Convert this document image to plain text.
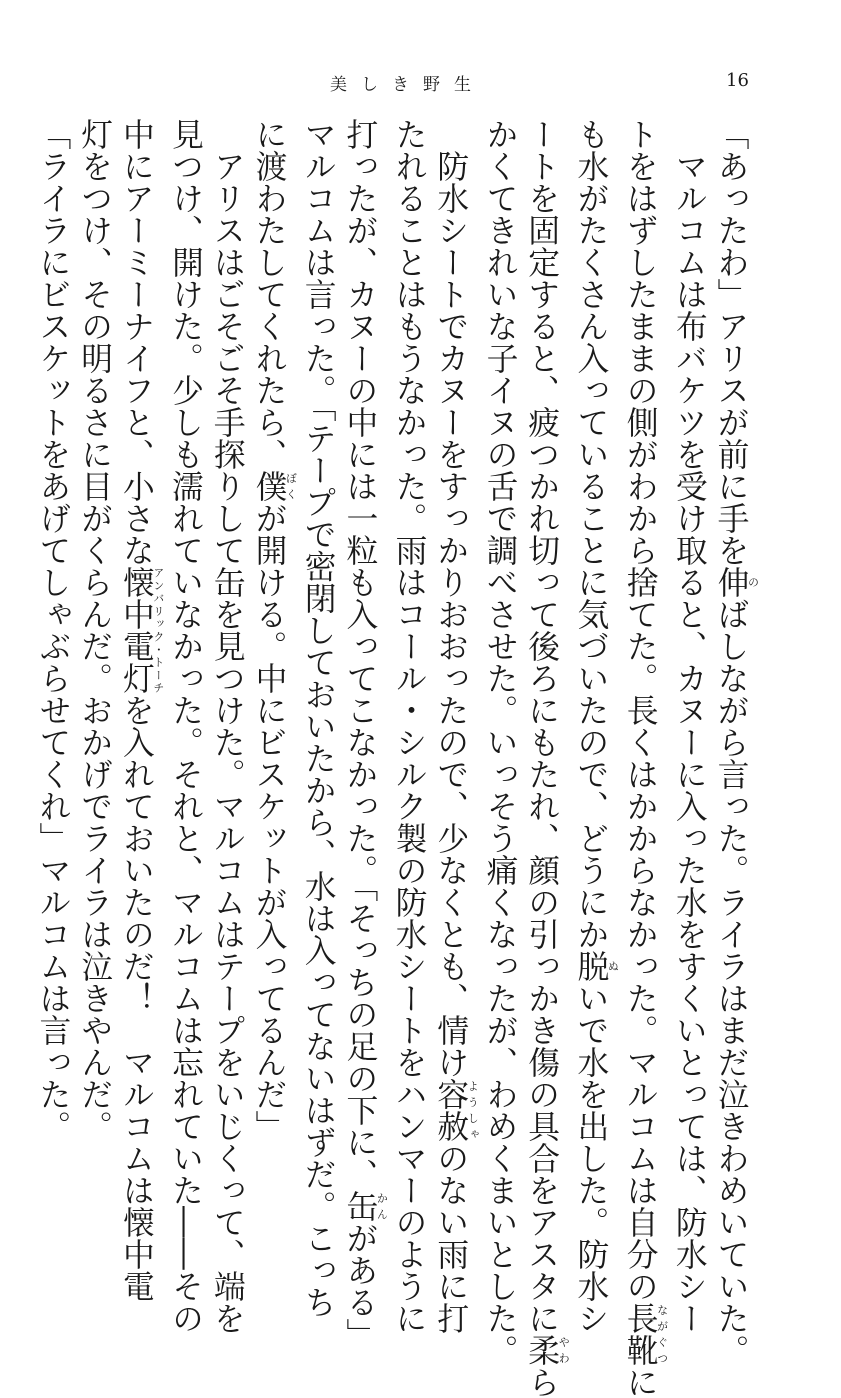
美しき野生	16

「あったわ」アリスが前に手を伸のばしながら言った。ライラはまだ泣きわめいていた。

　マルコムは布バケツを受け取ると、カヌーに入った水をすくいとっては、防水シー

トをはずしたままの側がわから捨てた。長くはかからなかった。マルコムは自分の長靴ながぐつに

も水がたくさん入っていることに気づいたので、どうにか脱ぬいで水を出した。防水シ

ートを固定すると、疲つかれ切って後ろにもたれ、顔の引っかき傷の具合をアスタに柔やわら

かくてきれいな子イヌの舌で調べさせた。いっそう痛くなったが、わめくまいとした。

　防水シートでカヌーをすっかりおおったので、少なくとも、情け容赦ようしゃのない雨に打

たれることはもうなかった。雨はコール・シルク製の防水シートをハンマーのように

打ったが、カヌーの中には一粒も入ってこなかった。「そっちの足の下に、缶かんがある」

マルコムは言った。「テープで密閉しておいたから、水は入ってないはずだ。こっち

に渡わたしてくれたら、僕ぼくが開ける。中にビスケットが入ってるんだ」

　アリスはごそごそ手探りして缶を見つけた。マルコムはテープをいじくって、端を

見つけ、開けた。少しも濡れていなかった。それと、マルコムは忘れていた――その

中にアーミーナイフと、小さな懐中電灯アンバリック・トーチを入れておいたのだ！　マルコムは懐中電

灯をつけ、その明るさに目がくらんだ。おかげでライラは泣きやんだ。

「ライラにビスケットをあげてしゃぶらせてくれ」マルコムは言った。
